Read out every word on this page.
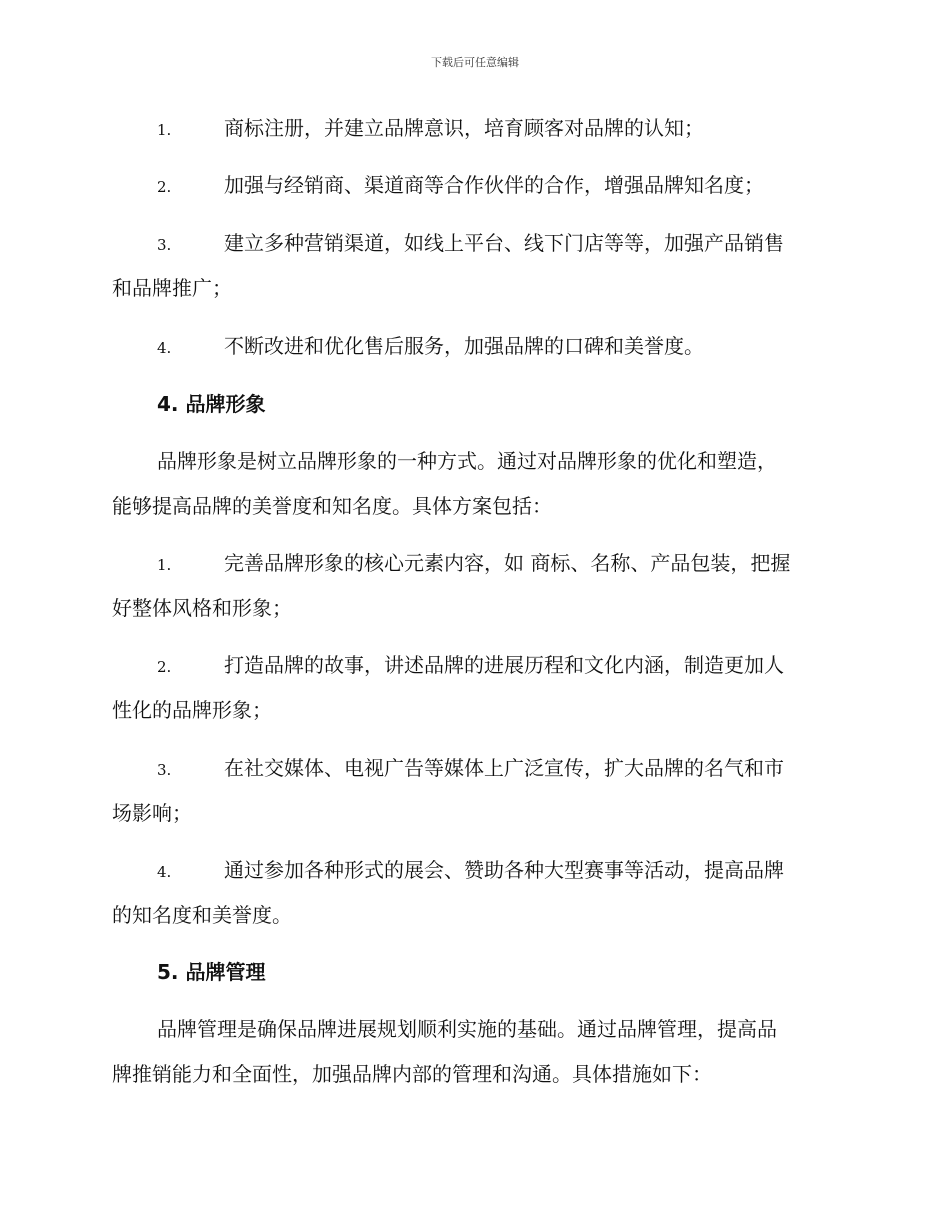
下载后可任意编辑
1.	商标注册，并建立品牌意识，培育顾客对品牌的认知；
2.	加强与经销商、渠道商等合作伙伴的合作，增强品牌知名度；
3.	建立多种营销渠道，如线上平台、线下门店等等，加强产品销售
和品牌推广；
4.	不断改进和优化售后服务，加强品牌的口碑和美誉度。
4. 品牌形象
品牌形象是树立品牌形象的一种方式。通过对品牌形象的优化和塑造，
能够提高品牌的美誉度和知名度。具体方案包括：
1.	完善品牌形象的核心元素内容，如 商标、名称、产品包装，把握
好整体风格和形象；
2.	打造品牌的故事，讲述品牌的进展历程和文化内涵，制造更加人
性化的品牌形象；
3.	在社交媒体、电视广告等媒体上广泛宣传，扩大品牌的名气和市
场影响；
4.	通过参加各种形式的展会、赞助各种大型赛事等活动，提高品牌
的知名度和美誉度。
5. 品牌管理
品牌管理是确保品牌进展规划顺利实施的基础。通过品牌管理，提高品
牌推销能力和全面性，加强品牌内部的管理和沟通。具体措施如下：
